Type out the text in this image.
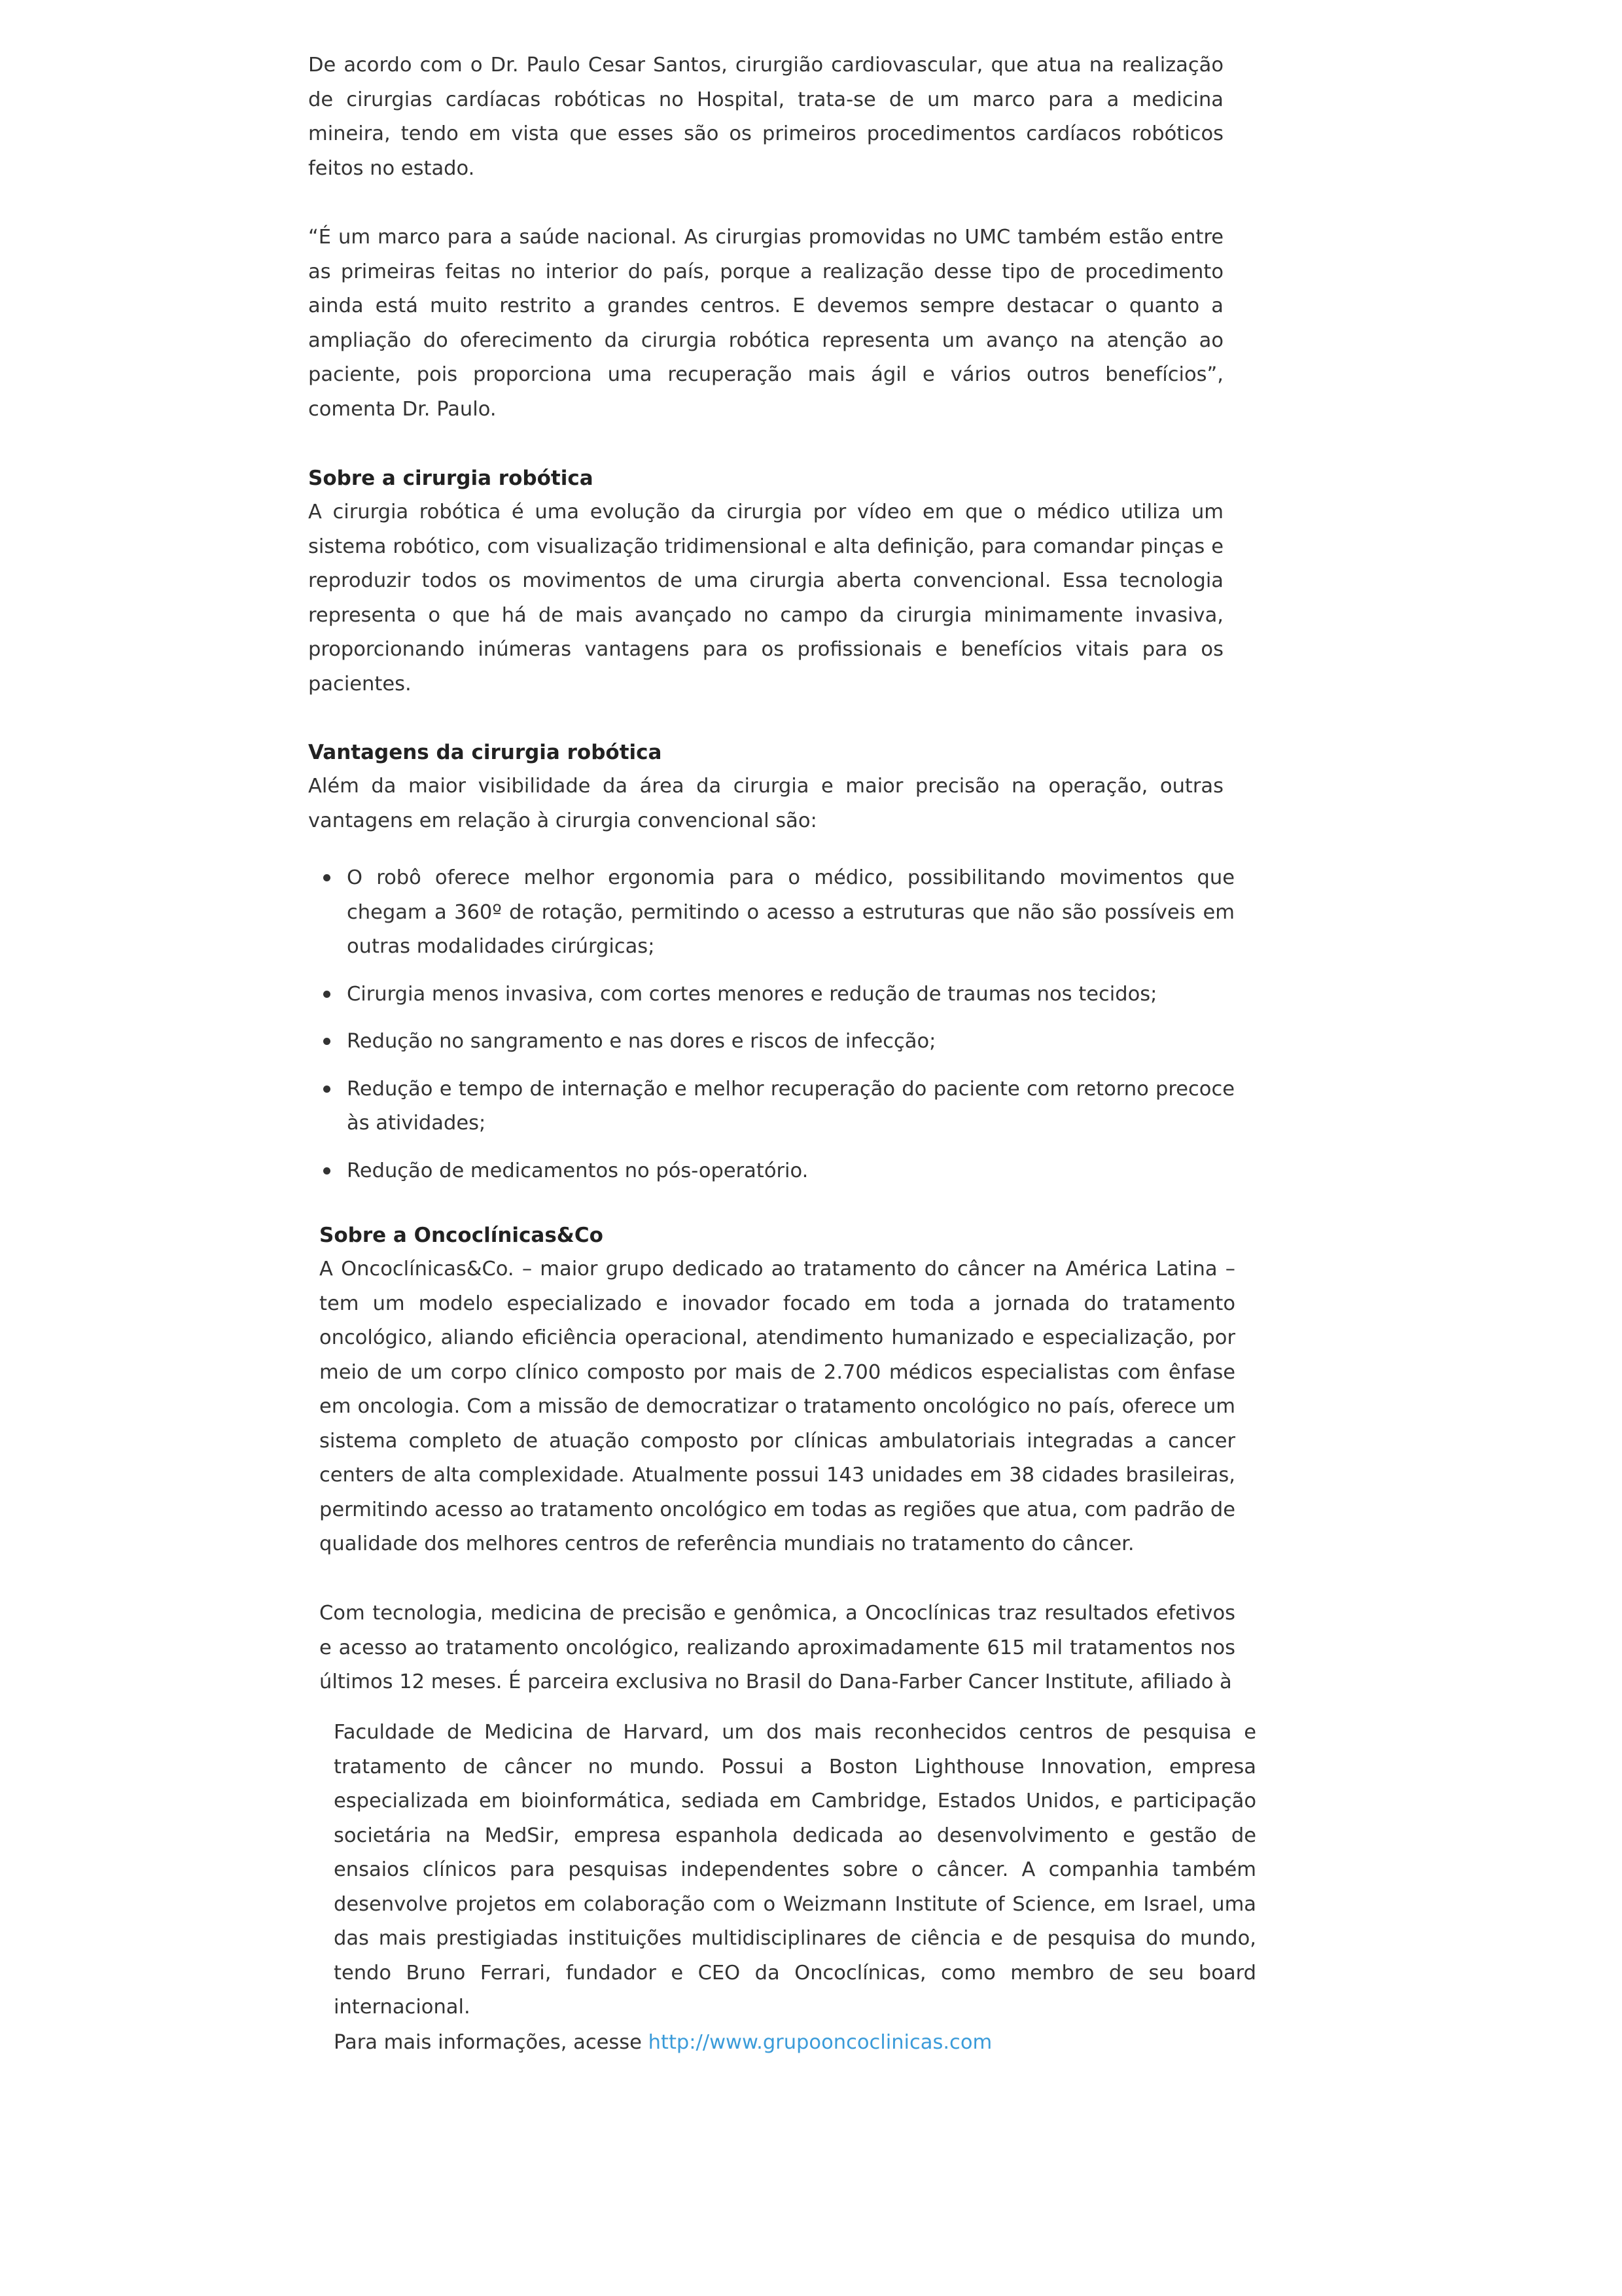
De acordo com o Dr. Paulo Cesar Santos, cirurgião cardiovascular, que atua na realização de cirurgias cardíacas robóticas no Hospital, trata-se de um marco para a medicina mineira, tendo em vista que esses são os primeiros procedimentos cardíacos robóticos feitos no estado.

“É um marco para a saúde nacional. As cirurgias promovidas no UMC também estão entre as primeiras feitas no interior do país, porque a realização desse tipo de procedimento ainda está muito restrito a grandes centros. E devemos sempre destacar o quanto a ampliação do oferecimento da cirurgia robótica representa um avanço na atenção ao paciente, pois proporciona uma recuperação mais ágil e vários outros benefícios”, comenta Dr. Paulo.

Sobre a cirurgia robótica

A cirurgia robótica é uma evolução da cirurgia por vídeo em que o médico utiliza um sistema robótico, com visualização tridimensional e alta definição, para comandar pinças e reproduzir todos os movimentos de uma cirurgia aberta convencional. Essa tecnologia representa o que há de mais avançado no campo da cirurgia minimamente invasiva, proporcionando inúmeras vantagens para os profissionais e benefícios vitais para os pacientes.

Vantagens da cirurgia robótica

Além da maior visibilidade da área da cirurgia e maior precisão na operação, outras vantagens em relação à cirurgia convencional são:

O robô oferece melhor ergonomia para o médico, possibilitando movimentos que chegam a 360º de rotação, permitindo o acesso a estruturas que não são possíveis em outras modalidades cirúrgicas;
Cirurgia menos invasiva, com cortes menores e redução de traumas nos tecidos;
Redução no sangramento e nas dores e riscos de infecção;
Redução e tempo de internação e melhor recuperação do paciente com retorno precoce às atividades;
Redução de medicamentos no pós-operatório.
Sobre a Oncoclínicas&Co

A Oncoclínicas&Co. – maior grupo dedicado ao tratamento do câncer na América Latina – tem um modelo especializado e inovador focado em toda a jornada do tratamento oncológico, aliando eficiência operacional, atendimento humanizado e especialização, por meio de um corpo clínico composto por mais de 2.700 médicos especialistas com ênfase em oncologia. Com a missão de democratizar o tratamento oncológico no país, oferece um sistema completo de atuação composto por clínicas ambulatoriais integradas a cancer centers de alta complexidade. Atualmente possui 143 unidades em 38 cidades brasileiras, permitindo acesso ao tratamento oncológico em todas as regiões que atua, com padrão de qualidade dos melhores centros de referência mundiais no tratamento do câncer.

Com tecnologia, medicina de precisão e genômica, a Oncoclínicas traz resultados efetivos e acesso ao tratamento oncológico, realizando aproximadamente 615 mil tratamentos nos últimos 12 meses. É parceira exclusiva no Brasil do Dana-Farber Cancer Institute, afiliado à

Faculdade de Medicina de Harvard, um dos mais reconhecidos centros de pesquisa e tratamento de câncer no mundo. Possui a Boston Lighthouse Innovation, empresa especializada em bioinformática, sediada em Cambridge, Estados Unidos, e participação societária na MedSir, empresa espanhola dedicada ao desenvolvimento e gestão de ensaios clínicos para pesquisas independentes sobre o câncer. A companhia também desenvolve projetos em colaboração com o Weizmann Institute of Science, em Israel, uma das mais prestigiadas instituições multidisciplinares de ciência e de pesquisa do mundo, tendo Bruno Ferrari, fundador e CEO da Oncoclínicas, como membro de seu board internacional.

Para mais informações, acesse http://www.grupooncoclinicas.com
